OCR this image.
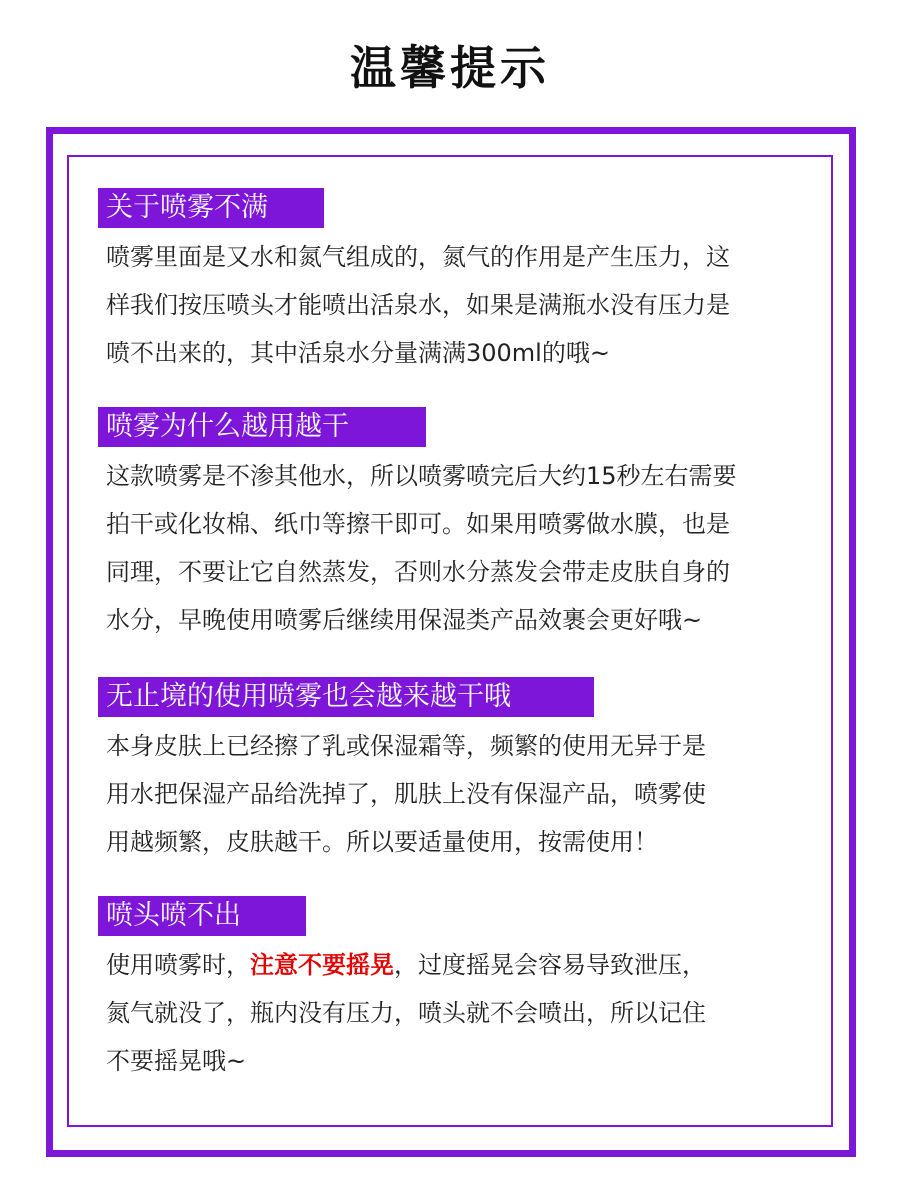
温馨提示
关于喷雾不满

喷雾里面是又水和氮气组成的，氮气的作用是产生压力，这

样我们按压喷头才能喷出活泉水，如果是满瓶水没有压力是

喷不出来的，其中活泉水分量满满300ml的哦~

喷雾为什么越用越干

这款喷雾是不渗其他水，所以喷雾喷完后大约15秒左右需要

拍干或化妆棉、纸巾等擦干即可。如果用喷雾做水膜，也是

同理，不要让它自然蒸发，否则水分蒸发会带走皮肤自身的

水分，早晚使用喷雾后继续用保湿类产品效裹会更好哦~

无止境的使用喷雾也会越来越干哦

本身皮肤上已经擦了乳或保湿霜等，频繁的使用无异于是

用水把保湿产品给洗掉了，肌肤上没有保湿产品，喷雾使

用越频繁，皮肤越干。所以要适量使用，按需使用！

喷头喷不出

使用喷雾时，注意不要摇晃，过度摇晃会容易导致泄压，

氮气就没了，瓶内没有压力，喷头就不会喷出，所以记住

不要摇晃哦~
